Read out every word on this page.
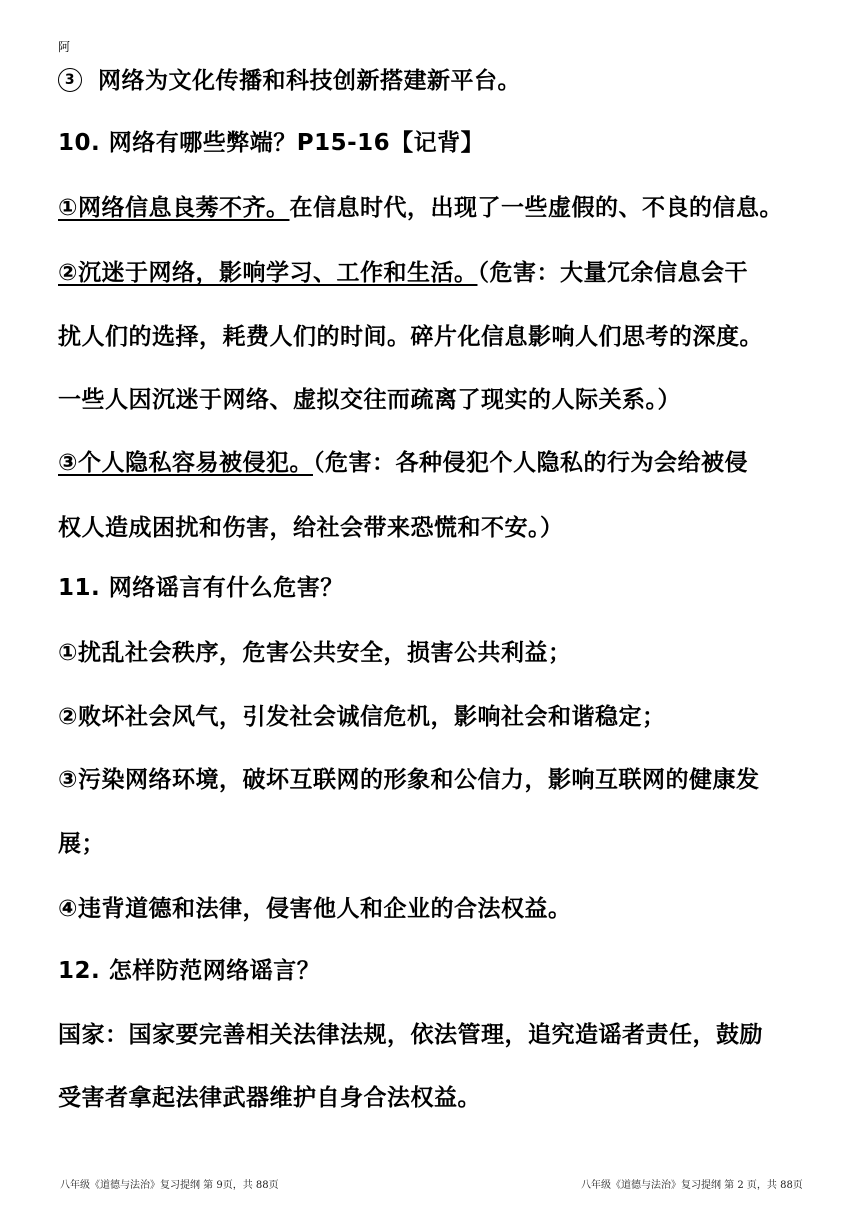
阿
3 网络为文化传播和科技创新搭建新平台。
10. 网络有哪些弊端？P15-16【记背】
①网络信息良莠不齐。在信息时代，出现了一些虚假的、不良的信息。
②沉迷于网络，影响学习、工作和生活。（危害：大量冗余信息会干
扰人们的选择，耗费人们的时间。碎片化信息影响人们思考的深度。
一些人因沉迷于网络、虚拟交往而疏离了现实的人际关系。）
③个人隐私容易被侵犯。（危害：各种侵犯个人隐私的行为会给被侵
权人造成困扰和伤害，给社会带来恐慌和不安。）
11. 网络谣言有什么危害？
①扰乱社会秩序，危害公共安全，损害公共利益；
②败坏社会风气，引发社会诚信危机，影响社会和谐稳定；
③污染网络环境，破坏互联网的形象和公信力，影响互联网的健康发
展；
④违背道德和法律，侵害他人和企业的合法权益。
12. 怎样防范网络谣言？
国家：国家要完善相关法律法规，依法管理，追究造谣者责任，鼓励
受害者拿起法律武器维护自身合法权益。
八年级《道德与法治》复习提纲 第 9页，共 88页	八年级《道德与法治》复习提纲 第 2 页，共 88页
